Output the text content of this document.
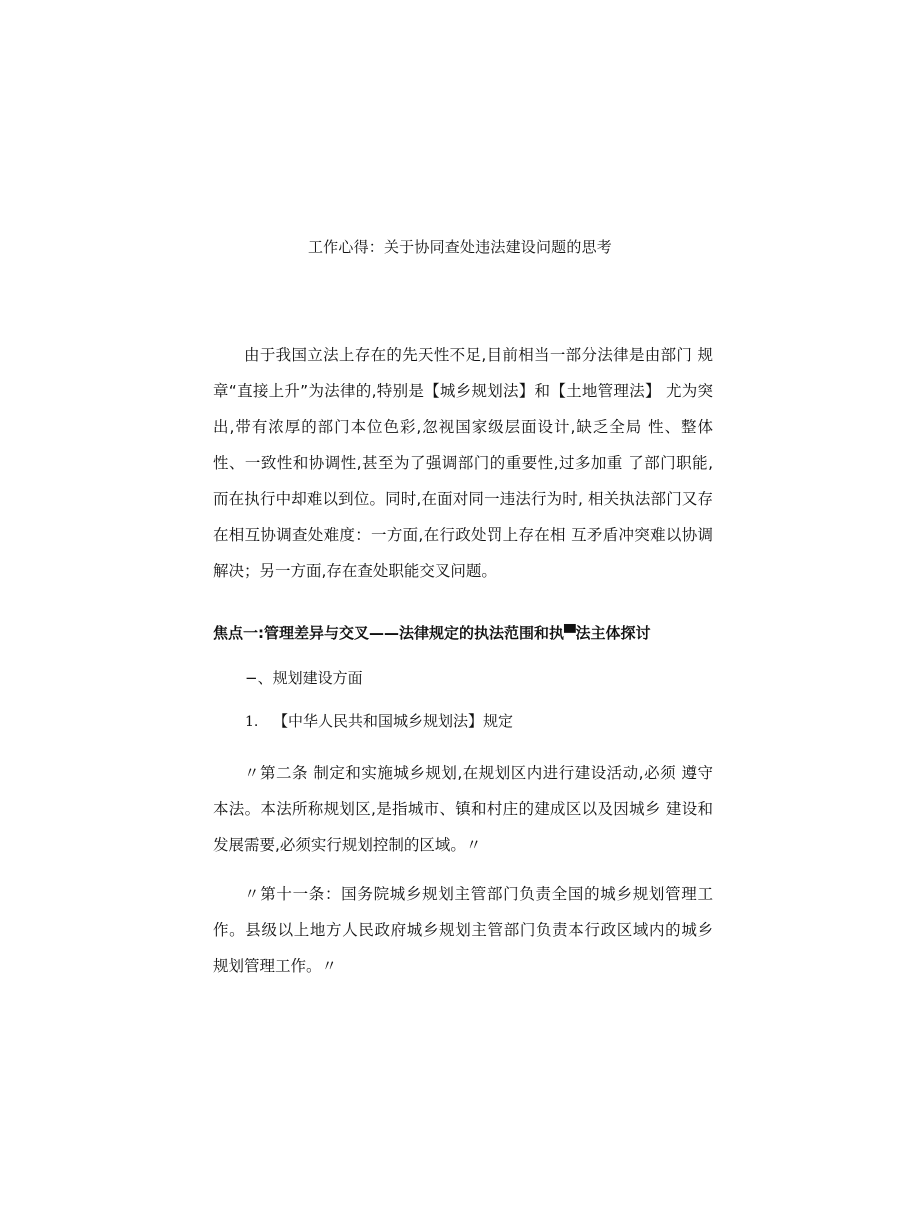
工作心得：关于协同查处违法建设问题的思考

由于我国立法上存在的先天性不足,目前相当一部分法律是由部门 规章“直接上升”为法律的,特别是【城乡规划法】和【土地管理法】 尤为突出,带有浓厚的部门本位色彩,忽视国家级层面设计,缺乏全局 性、整体性、一致性和协调性,甚至为了强调部门的重要性,过多加重 了部门职能,而在执行中却难以到位。同时,在面对同一违法行为时, 相关执法部门又存在相互协调查处难度：一方面,在行政处罚上存在相 互矛盾冲突难以协调解决；另一方面,存在查处职能交叉问题。

焦点一:管理差异与交叉——法律规定的执法范围和执▀法主体探讨
−、规划建设方面
1. 【中华人民共和国城乡规划法】规定

〃第二条 制定和实施城乡规划,在规划区内进行建设活动,必须 遵守本法。本法所称规划区,是指城市、镇和村庄的建成区以及因城乡 建设和发展需要,必须实行规划控制的区域。〃

〃第十一条：国务院城乡规划主管部门负责全国的城乡规划管理工 作。县级以上地方人民政府城乡规划主管部门负责本行政区域内的城乡 规划管理工作。〃
